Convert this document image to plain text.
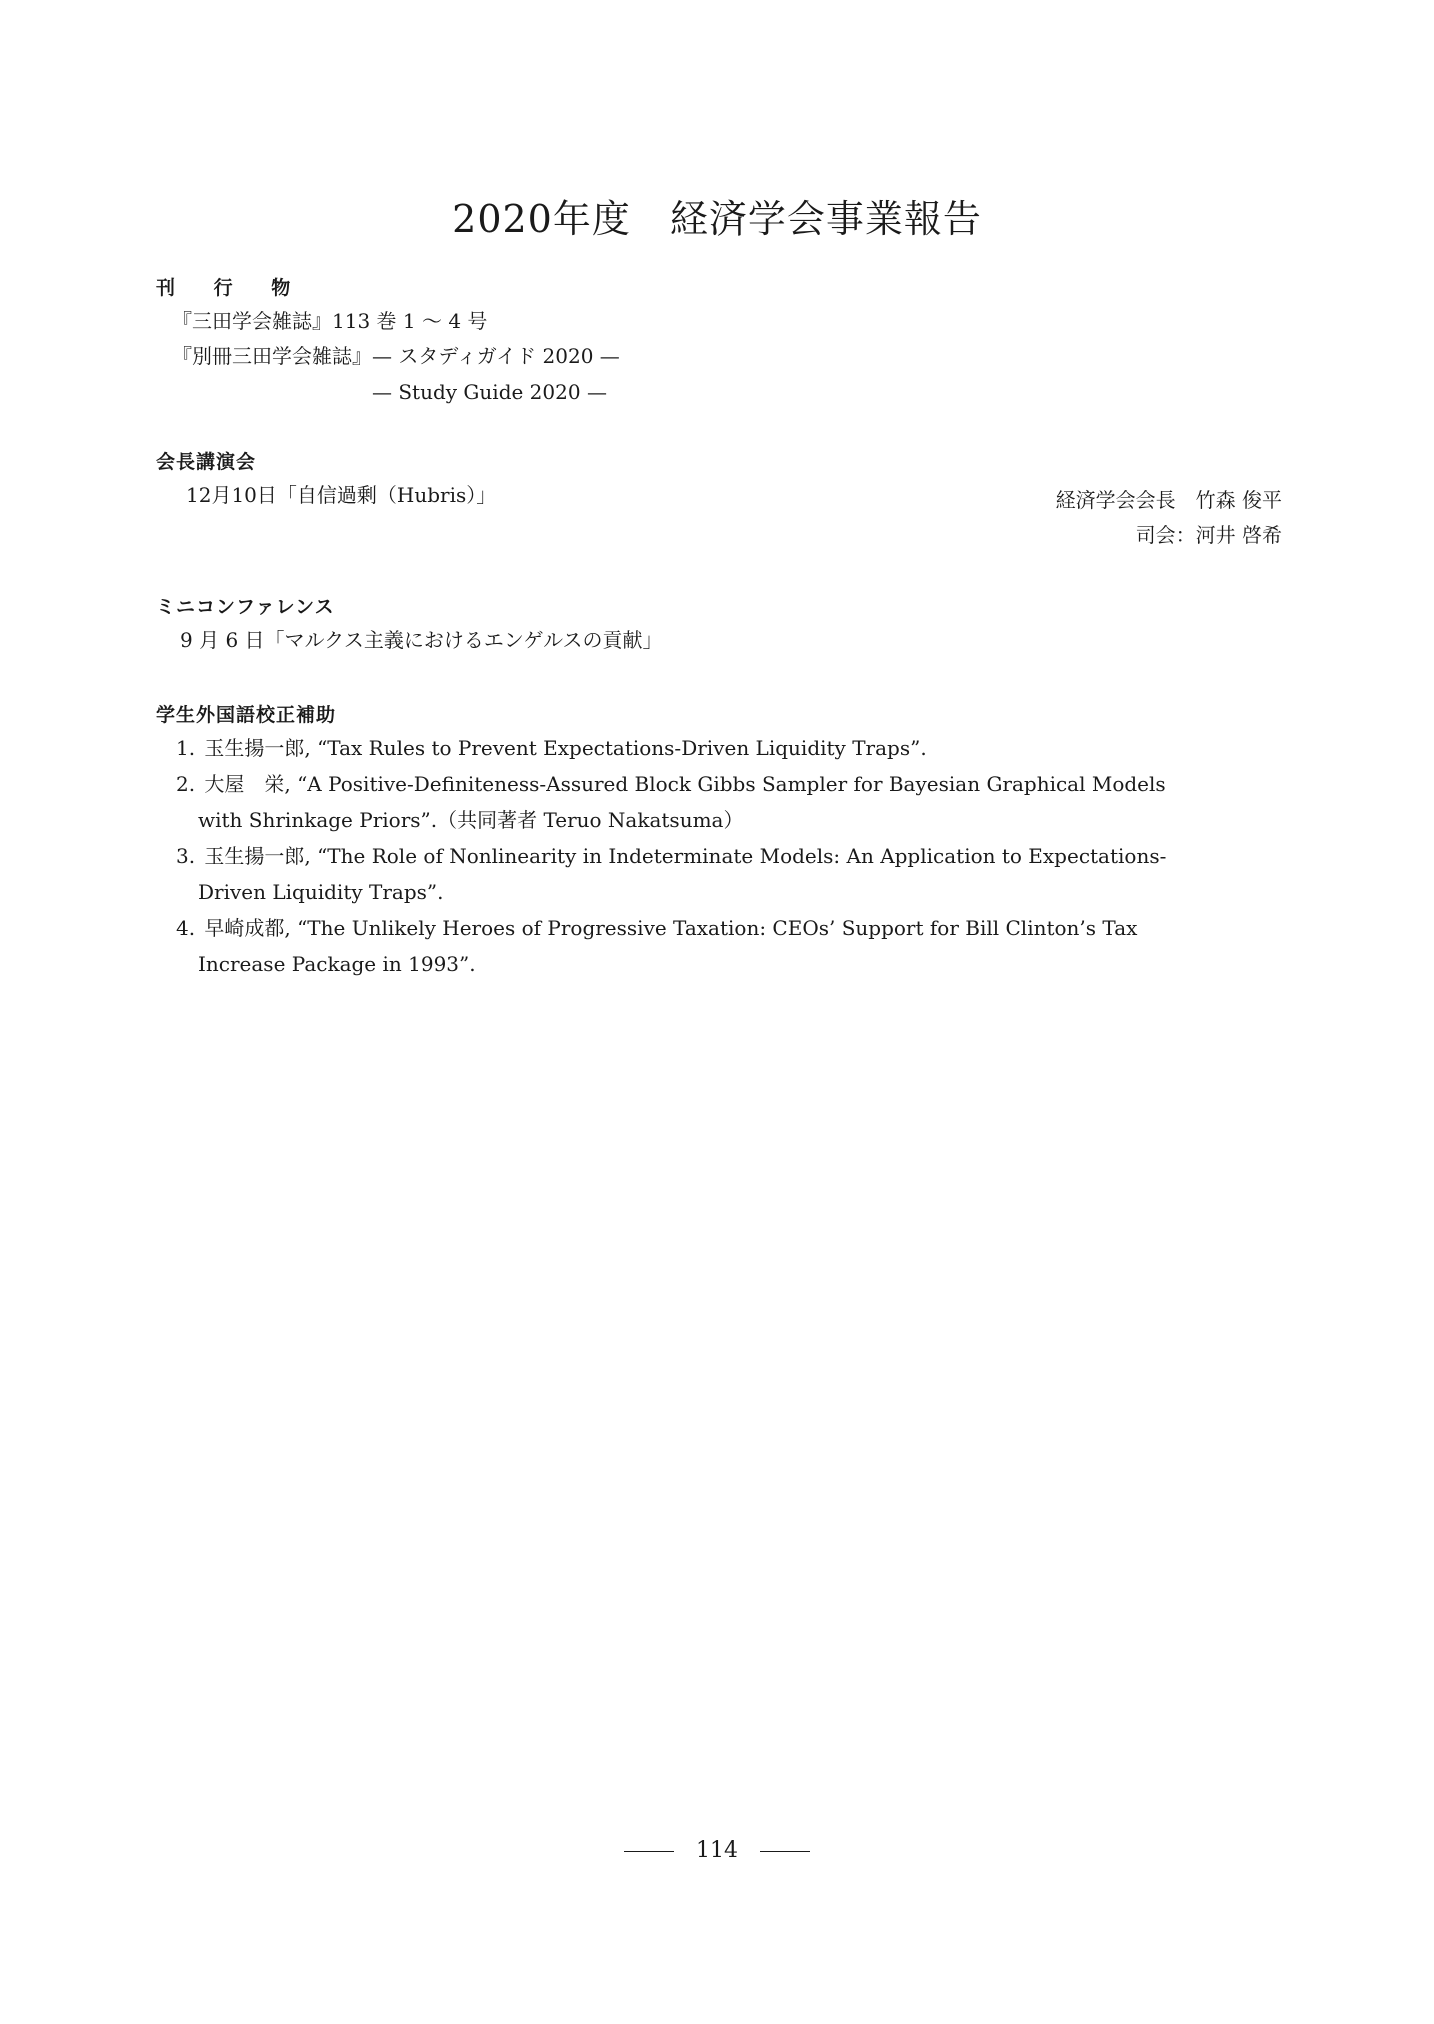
2020年度　経済学会事業報告
刊 行 物
『三田学会雑誌』113 巻 1 〜 4 号
『別冊三田学会雑誌』— スタディガイド 2020 —
— Study Guide 2020 —
会長講演会
12月10日「自信過剰（Hubris）」	経済学会会長　竹森 俊平
司会：河井 啓希
ミニコンファレンス
9 月 6 日「マルクス主義におけるエンゲルスの貢献」
学生外国語校正補助
1. 玉生揚一郎, “Tax Rules to Prevent Expectations-Driven Liquidity Traps”.
2. 大屋　栄, “A Positive-Definiteness-Assured Block Gibbs Sampler for Bayesian Graphical Models
with Shrinkage Priors”.（共同著者 Teruo Nakatsuma）
3. 玉生揚一郎, “The Role of Nonlinearity in Indeterminate Models: An Application to Expectations-
Driven Liquidity Traps”.
4. 早崎成都, “The Unlikely Heroes of Progressive Taxation: CEOs’ Support for Bill Clinton’s Tax
Increase Package in 1993”.
114
